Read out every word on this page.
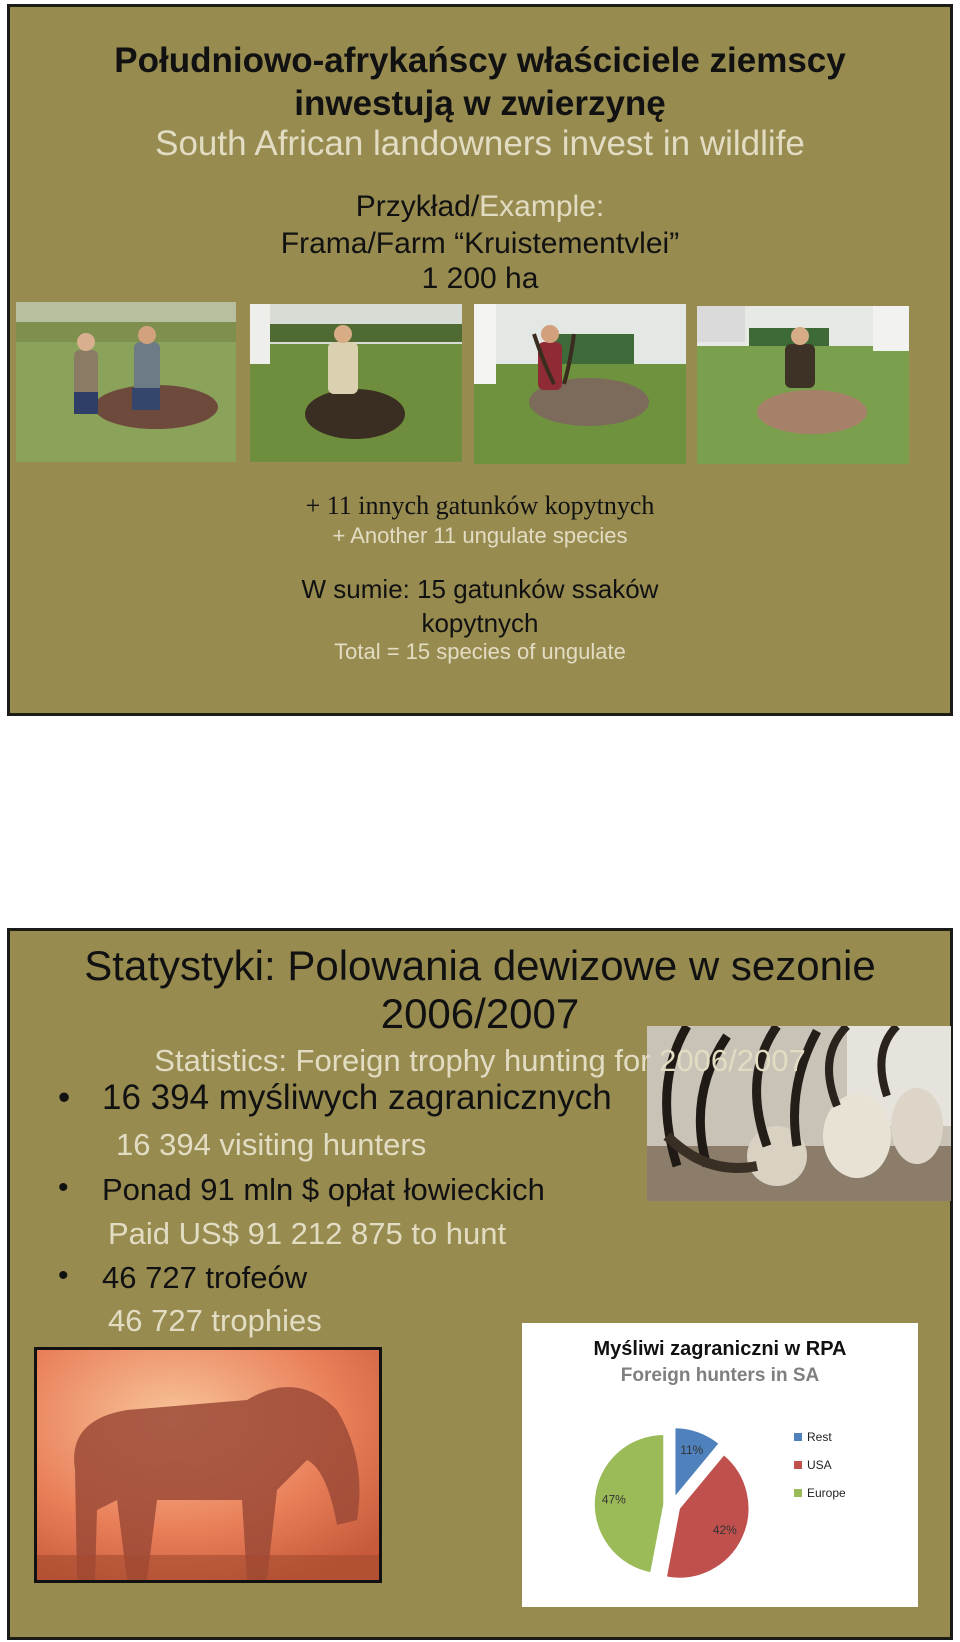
Południowo-afrykańscy właściciele ziemscy
inwestują w zwierzynę
South African landowners invest in wildlife
Przykład/Example:
Frama/Farm “Kruistementvlei”
1 200 ha
+ 11 innych gatunków kopytnych
+ Another 11 ungulate species
W sumie: 15 gatunków ssaków
kopytnych
Total = 15 species of ungulate
Statystyki: Polowania dewizowe w sezonie
2006/2007
Statistics: Foreign trophy hunting for 2006/2007
• 16 394 myśliwych zagranicznych
16 394 visiting hunters
• Ponad 91 mln $ opłat łowieckich
Paid US$ 91 212 875 to hunt
• 46 727 trofeów
46 727 trophies
Myśliwi zagraniczni w RPA
Foreign hunters in SA
11%
42%
47%
Rest
USA
Europe
